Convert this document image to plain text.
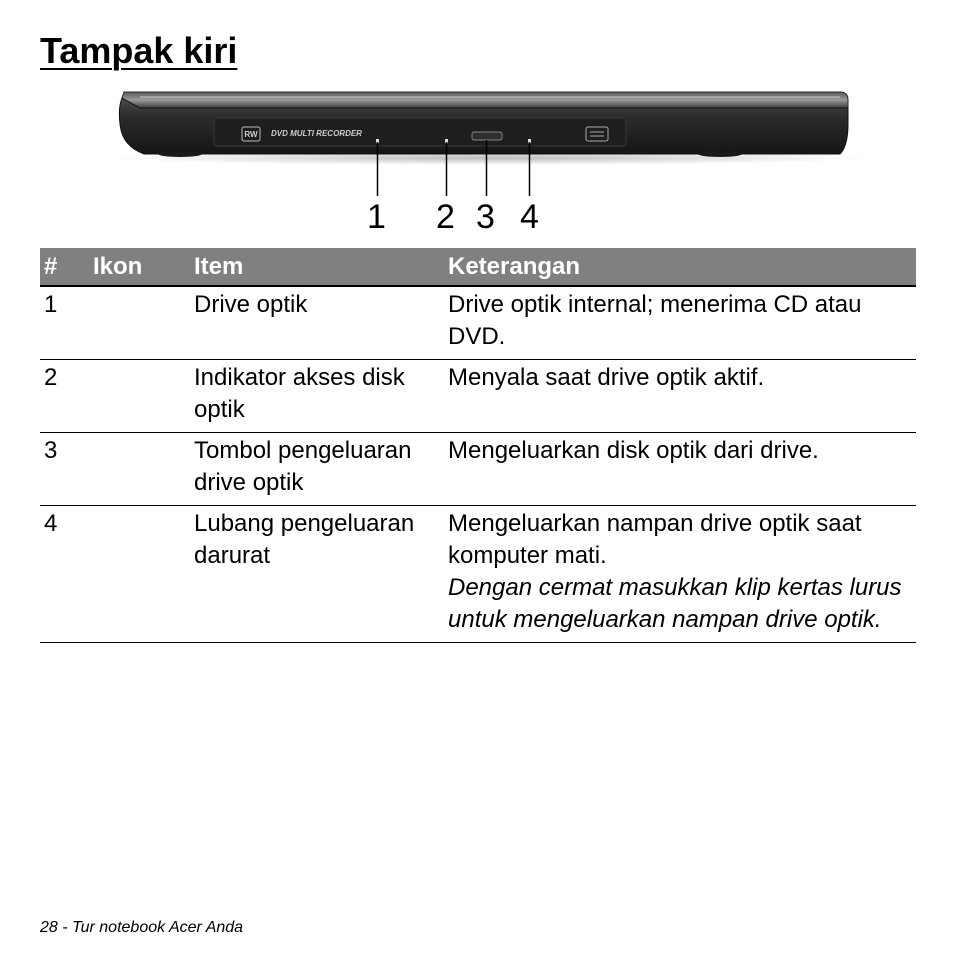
Tampak kiri
RW DVD MULTI RECORDER
1 2 3 4
#	Ikon	Item	Keterangan
1		Drive optik	Drive optik internal; menerima CD atau DVD.
2		Indikator akses disk optik	Menyala saat drive optik aktif.
3		Tombol pengeluaran drive optik	Mengeluarkan disk optik dari drive.
4		Lubang pengeluaran darurat	Mengeluarkan nampan drive optik saat komputer mati.
Dengan cermat masukkan klip kertas lurus untuk mengeluarkan nampan drive optik.
28 - Tur notebook Acer Anda
